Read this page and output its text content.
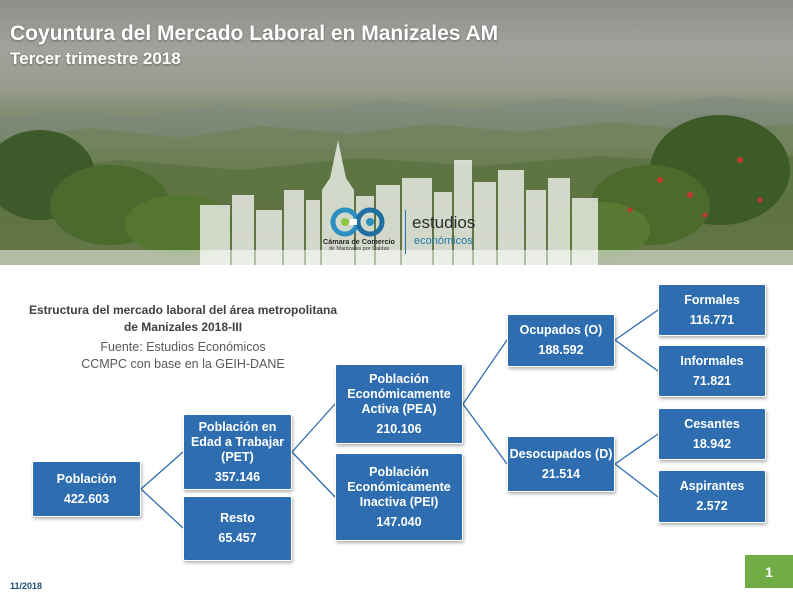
Coyuntura del Mercado Laboral en Manizales AM
Tercer trimestre 2018
Cámara de Comercio
de Manizales por Caldas
estudios
económicos

Estructura del mercado laboral del área metropolitana de Manizales 2018-III

Fuente: Estudios Económicos
CCMPC con base en la GEIH-DANE
Población
422.603
Población en Edad a Trabajar (PET)
357.146
Resto
65.457
Población Económicamente Activa (PEA)
210.106
Población Económicamente Inactiva (PEI)
147.040
Ocupados (O)
188.592
Desocupados (D)
21.514
Formales
116.771
Informales
71.821
Cesantes
18.942
Aspirantes
2.572
11/2018
1
